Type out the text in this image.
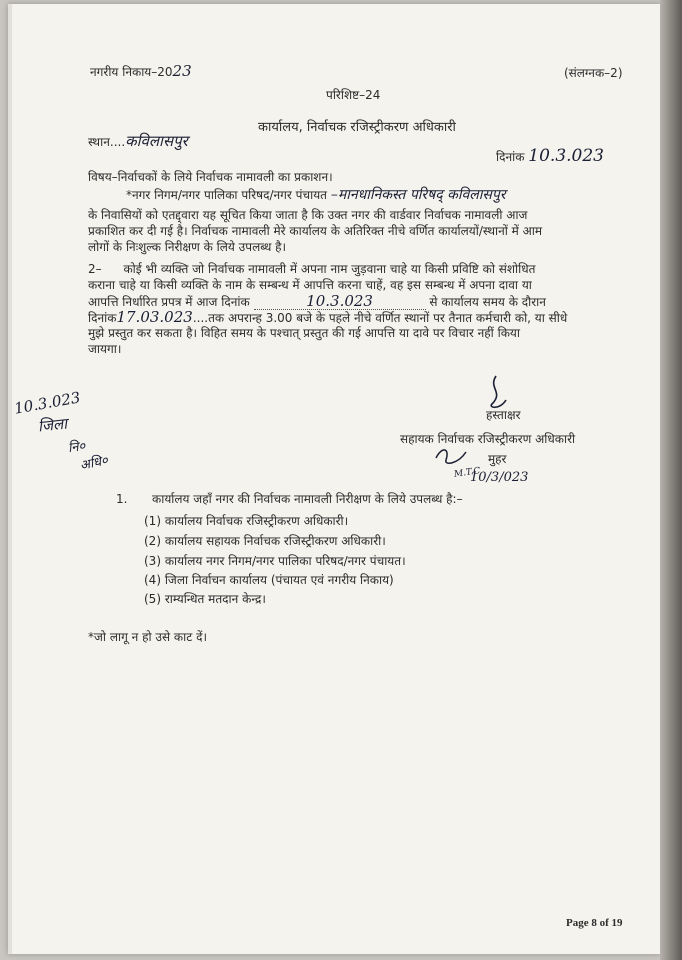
नगरीय निकाय–2023
परिशिष्ट–24
(संलग्नक–2)
कार्यालय, निर्वाचक रजिस्ट्रीकरण अधिकारी
स्थान....कविलासपुर
दिनांक 10.3.023
विषय–निर्वाचकों के लिये निर्वाचक नामावली का प्रकाशन।
*नगर निगम/नगर पालिका परिषद/नगर पंचायत –मानधानिकस्त परिषद् कविलासपुर
के निवासियों को एतद्द्वारा यह सूचित किया जाता है कि उक्त नगर की वार्डवार निर्वाचक नामावली आज
प्रकाशित कर दी गई है। निर्वाचक नामावली मेरे कार्यालय के अतिरिक्त नीचे वर्णित कार्यालयों/स्थानों में आम
लोगों के निःशुल्क निरीक्षण के लिये उपलब्ध है।
2– कोई भी व्यक्ति जो निर्वाचक नामावली में अपना नाम जुड़वाना चाहे या किसी प्रविष्टि को संशोधित
कराना चाहे या किसी व्यक्ति के नाम के सम्बन्ध में आपत्ति करना चाहें, वह इस सम्बन्ध में अपना दावा या
आपत्ति निर्धारित प्रपत्र में आज दिनांक	10.3.023	से कार्यालय समय के दौरान
दिनांक17.03.023....तक अपरान्ह 3.00 बजे के पहले नीचे वर्णित स्थानों पर तैनात कर्मचारी को, या सीधे
मुझे प्रस्तुत कर सकता है। विहित समय के पश्चात् प्रस्तुत की गई आपत्ति या दावे पर विचार नहीं किया
जायगा।
10.3.023
जिला
नि०
अधि०
हस्ताक्षर
सहायक निर्वाचक रजिस्ट्रीकरण अधिकारी
मुहर
M.T.C
10/3/023
1. कार्यालय जहॉं नगर की निर्वाचक नामावली निरीक्षण के लिये उपलब्ध है:–
(1) कार्यालय निर्वाचक रजिस्ट्रीकरण अधिकारी।
(2) कार्यालय सहायक निर्वाचक रजिस्ट्रीकरण अधिकारी।
(3) कार्यालय नगर निगम/नगर पालिका परिषद/नगर पंचायत।
(4) जिला निर्वाचन कार्यालय (पंचायत एवं नगरीय निकाय)
(5) राम्यन्धित मतदान केन्द्र।
*जो लागू न हो उसे काट दें।
Page 8 of 19
